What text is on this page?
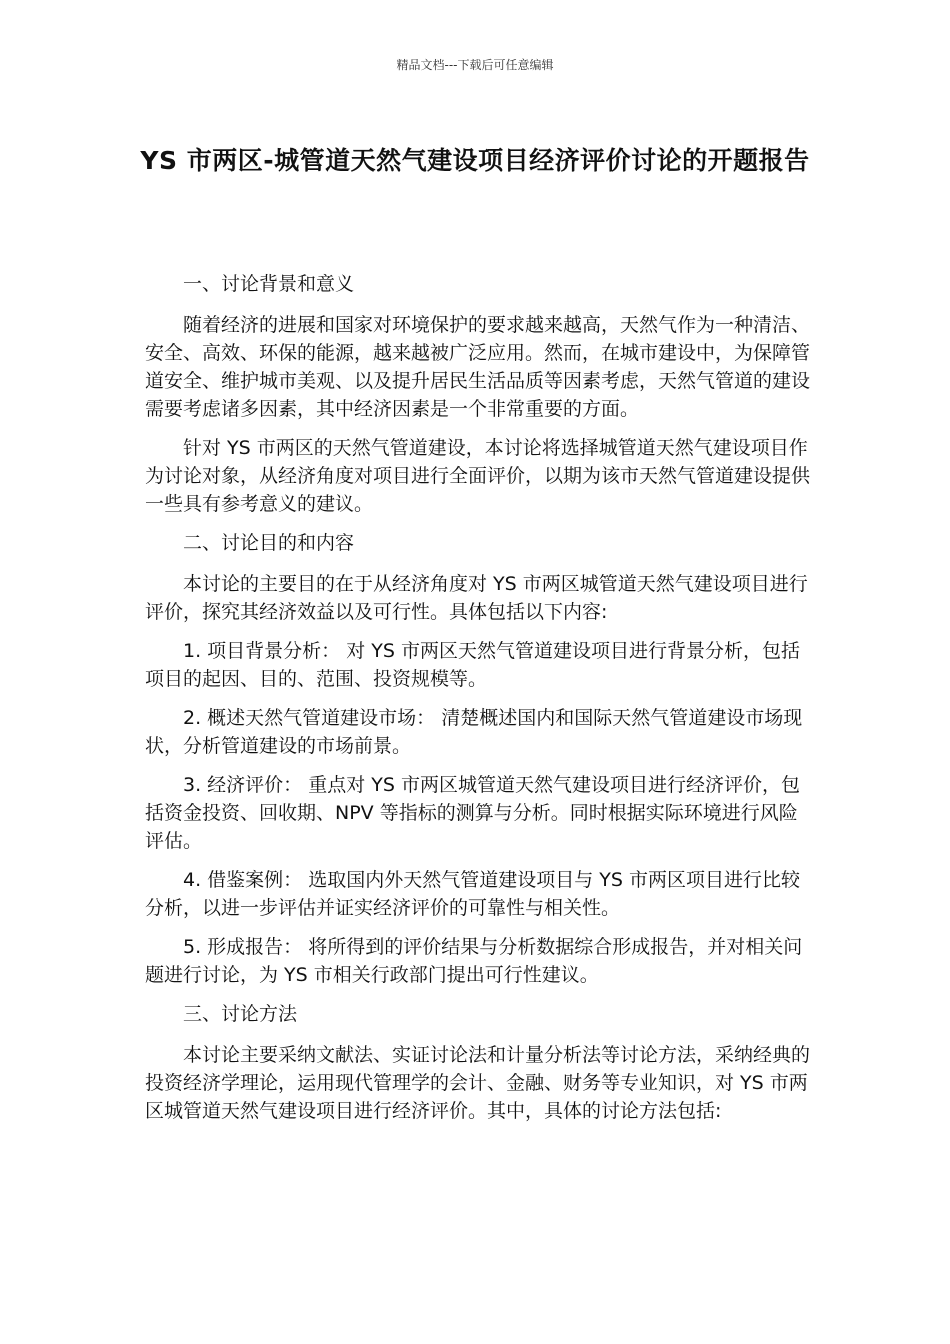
精品文档---下载后可任意编辑
YS 市两区-城管道天然气建设项目经济评价讨论的开题报告

一、讨论背景和意义

随着经济的进展和国家对环境保护的要求越来越高，天然气作为一种清洁、安全、高效、环保的能源，越来越被广泛应用。然而，在城市建设中，为保障管道安全、维护城市美观、以及提升居民生活品质等因素考虑，天然气管道的建设需要考虑诸多因素，其中经济因素是一个非常重要的方面。

针对 YS 市两区的天然气管道建设，本讨论将选择城管道天然气建设项目作为讨论对象，从经济角度对项目进行全面评价，以期为该市天然气管道建设提供一些具有参考意义的建议。

二、讨论目的和内容

本讨论的主要目的在于从经济角度对 YS 市两区城管道天然气建设项目进行评价，探究其经济效益以及可行性。具体包括以下内容:

1. 项目背景分析： 对 YS 市两区天然气管道建设项目进行背景分析，包括项目的起因、目的、范围、投资规模等。

2. 概述天然气管道建设市场： 清楚概述国内和国际天然气管道建设市场现状，分析管道建设的市场前景。

3. 经济评价： 重点对 YS 市两区城管道天然气建设项目进行经济评价，包括资金投资、回收期、NPV 等指标的测算与分析。同时根据实际环境进行风险评估。

4. 借鉴案例： 选取国内外天然气管道建设项目与 YS 市两区项目进行比较分析，以进一步评估并证实经济评价的可靠性与相关性。

5. 形成报告： 将所得到的评价结果与分析数据综合形成报告，并对相关问题进行讨论，为 YS 市相关行政部门提出可行性建议。

三、讨论方法

本讨论主要采纳文献法、实证讨论法和计量分析法等讨论方法，采纳经典的投资经济学理论，运用现代管理学的会计、金融、财务等专业知识，对 YS 市两区城管道天然气建设项目进行经济评价。其中，具体的讨论方法包括:
